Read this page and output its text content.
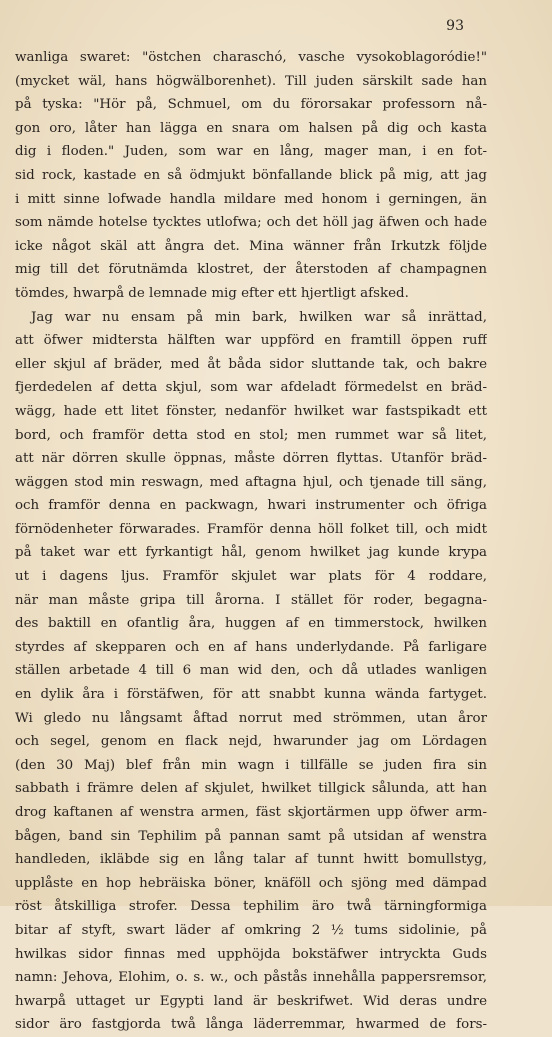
93
wanliga swaret: "östchen charaschó, vasche vysokoblagoródie!"
(mycket wäl, hans högwälborenhet). Till juden särskilt sade han
på tyska: "Hör på, Schmuel, om du förorsakar professorn nå-
gon oro, låter han lägga en snara om halsen på dig och kasta
dig i floden." Juden, som war en lång, mager man, i en fot-
sid rock, kastade en så ödmjukt bönfallande blick på mig, att jag
i mitt sinne lofwade handla mildare med honom i gerningen, än
som nämde hotelse tycktes utlofwa; och det höll jag äfwen och hade
icke något skäl att ångra det. Mina wänner från Irkutzk följde
mig till det förutnämda klostret, der återstoden af champagnen
tömdes, hwarpå de lemnade mig efter ett hjertligt afsked.
Jag war nu ensam på min bark, hwilken war så inrättad,
att öfwer midtersta hälften war uppförd en framtill öppen ruff
eller skjul af bräder, med åt båda sidor sluttande tak, och bakre
fjerdedelen af detta skjul, som war afdeladt förmedelst en bräd-
wägg, hade ett litet fönster, nedanför hwilket war fastspikadt ett
bord, och framför detta stod en stol; men rummet war så litet,
att när dörren skulle öppnas, måste dörren flyttas. Utanför bräd-
wäggen stod min reswagn, med aftagna hjul, och tjenade till säng,
och framför denna en packwagn, hwari instrumenter och öfriga
förnödenheter förwarades. Framför denna höll folket till, och midt
på taket war ett fyrkantigt hål, genom hwilket jag kunde krypa
ut i dagens ljus. Framför skjulet war plats för 4 roddare,
när man måste gripa till årorna. I stället för roder, begagna-
des baktill en ofantlig åra, huggen af en timmerstock, hwilken
styrdes af skepparen och en af hans underlydande. På farligare
ställen arbetade 4 till 6 man wid den, och då utlades wanligen
en dylik åra i förstäfwen, för att snabbt kunna wända fartyget.
Wi gledo nu långsamt åftad norrut med strömmen, utan åror
och segel, genom en flack nejd, hwarunder jag om Lördagen
(den 30 Maj) blef från min wagn i tillfälle se juden fira sin
sabbath i främre delen af skjulet, hwilket tillgick sålunda, att han
drog kaftanen af wenstra armen, fäst skjortärmen upp öfwer arm-
bågen, band sin Tephilim på pannan samt på utsidan af wenstra
handleden, ikläbde sig en lång talar af tunnt hwitt bomullstyg,
upplåste en hop hebräiska böner, knäföll och sjöng med dämpad
röst åtskilliga strofer. Dessa tephilim äro twå tärningformiga
bitar af styft, swart läder af omkring 2 ½ tums sidolinie, på
hwilkas sidor finnas med upphöjda bokstäfwer intryckta Guds
namn: Jehova, Elohim, o. s. w., och påstås innehålla pappersremsor,
hwarpå uttaget ur Egypti land är beskrifwet. Wid deras undre
sidor äro fastgjorda twå långa läderremmar, hwarmed de fors-
